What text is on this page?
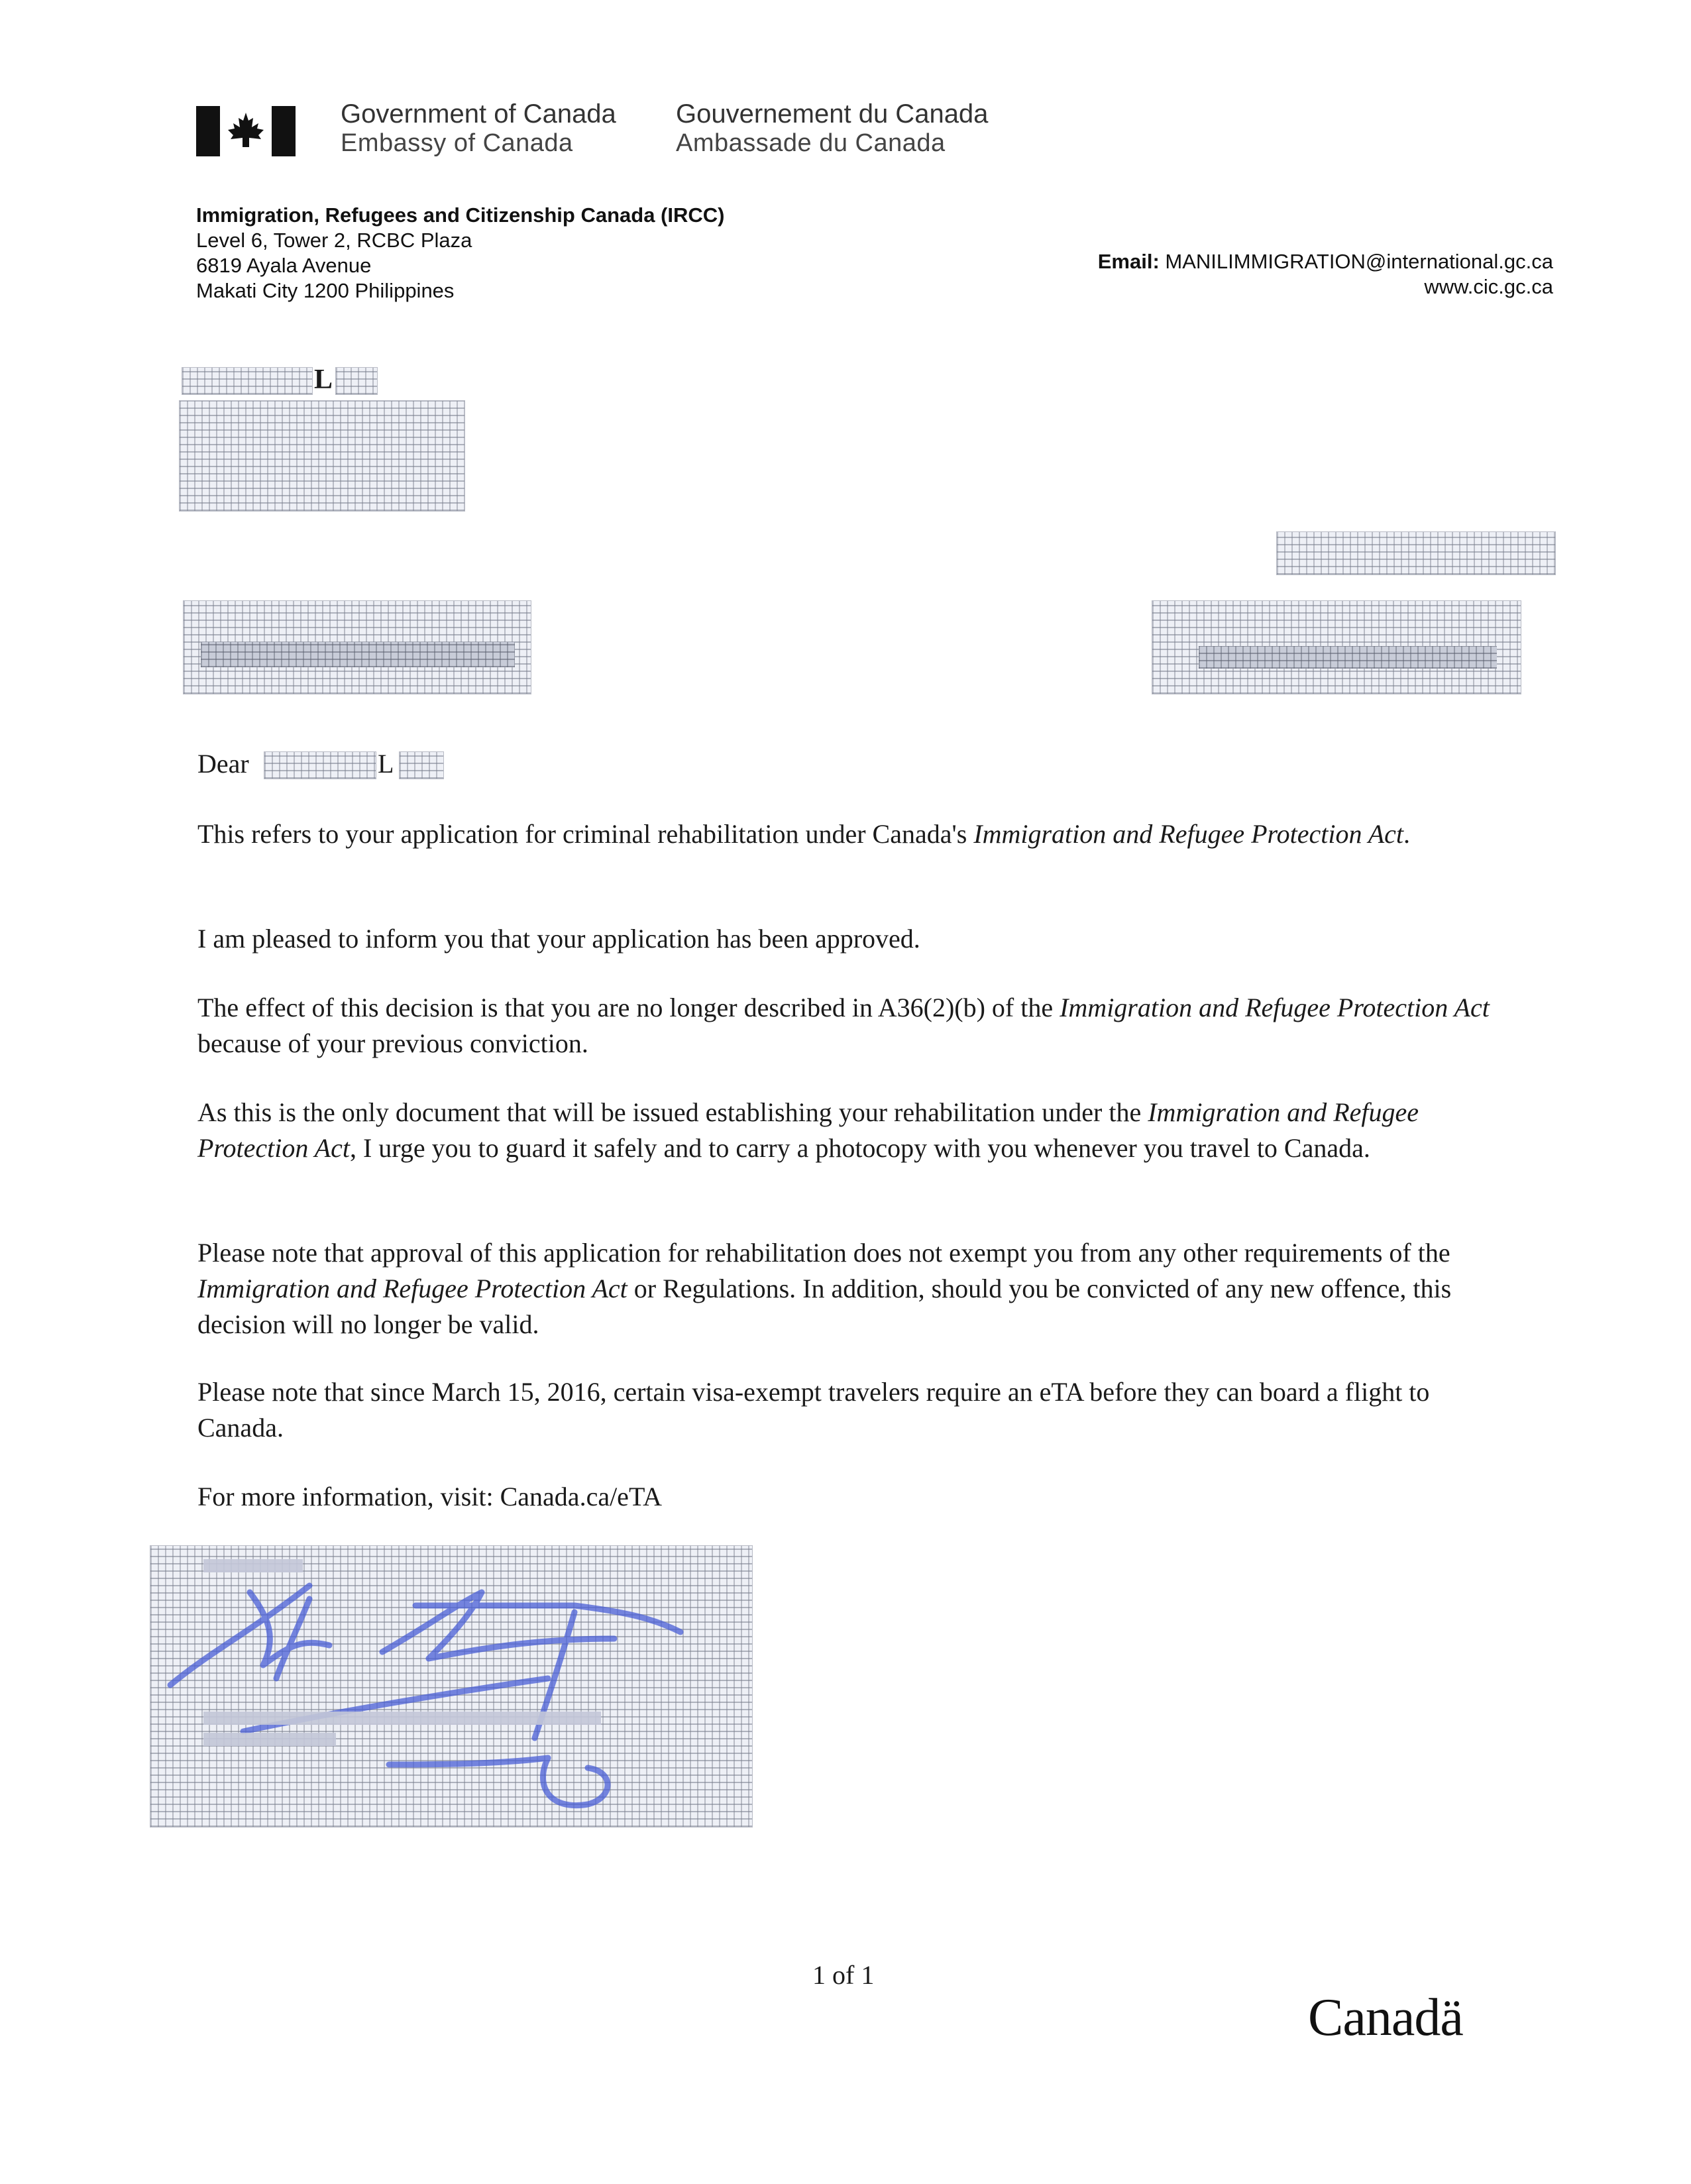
Government of Canada
Embassy of Canada
Gouvernement du Canada
Ambassade du Canada
Immigration, Refugees and Citizenship Canada (IRCC)
Level 6, Tower 2, RCBC Plaza
6819 Ayala Avenue
Makati City 1200 Philippines
Email: MANILIMMIGRATION@international.gc.ca
www.cic.gc.ca
L
Dear	L

This refers to your application for criminal rehabilitation under Canada's Immigration and Refugee Protection Act.

I am pleased to inform you that your application has been approved.

The effect of this decision is that you are no longer described in A36(2)(b) of the Immigration and Refugee Protection Act because of your previous conviction.

As this is the only document that will be issued establishing your rehabilitation under the Immigration and Refugee Protection Act, I urge you to guard it safely and to carry a photocopy with you whenever you travel to Canada.

Please note that approval of this application for rehabilitation does not exempt you from any other requirements of the Immigration and Refugee Protection Act or Regulations. In addition, should you be convicted of any new offence, this decision will no longer be valid.

Please note that since March 15, 2016, certain visa-exempt travelers require an eTA before they can board a flight to Canada.

For more information, visit: Canada.ca/eTA

1 of 1
Canadä
